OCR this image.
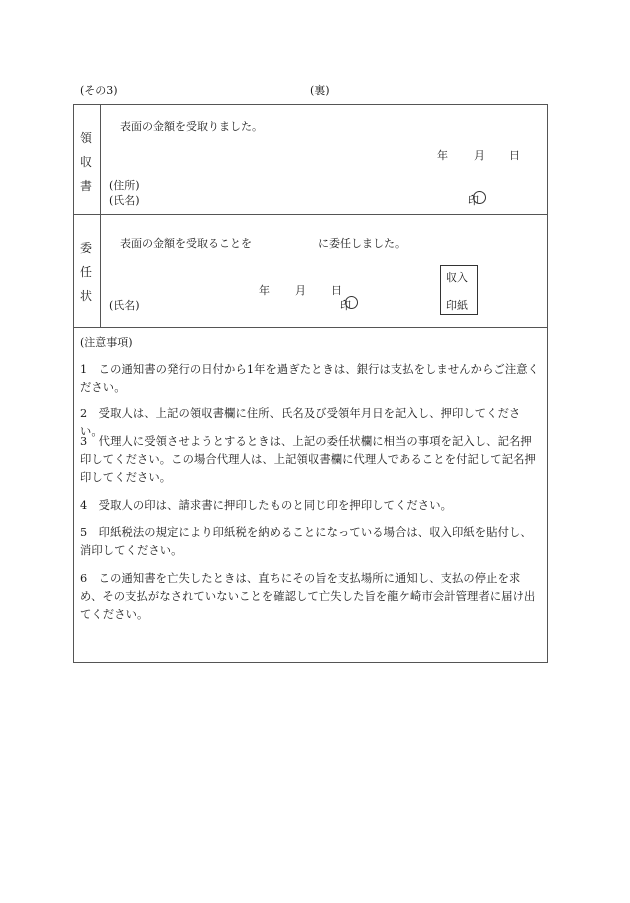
(その3)	(裏)
領
収
書
表面の金額を受取りました。
年 月 日
(住所)
(氏名)	印
委
任
状
表面の金額を受取ることを	に委任しました。
年 月 日
(氏名)	印
収入
印紙
(注意事項)
1　この通知書の発行の日付から1年を過ぎたときは、銀行は支払をしませんからご注意ください。
2　受取人は、上記の領収書欄に住所、氏名及び受領年月日を記入し、押印してください。
3　代理人に受領させようとするときは、上記の委任状欄に相当の事項を記入し、記名押印してください。この場合代理人は、上記領収書欄に代理人であることを付記して記名押印してください。
4　受取人の印は、請求書に押印したものと同じ印を押印してください。
5　印紙税法の規定により印紙税を納めることになっている場合は、収入印紙を貼付し、消印してください。
6　この通知書を亡失したときは、直ちにその旨を支払場所に通知し、支払の停止を求め、その支払がなされていないことを確認して亡失した旨を龍ケ崎市会計管理者に届け出てください。
